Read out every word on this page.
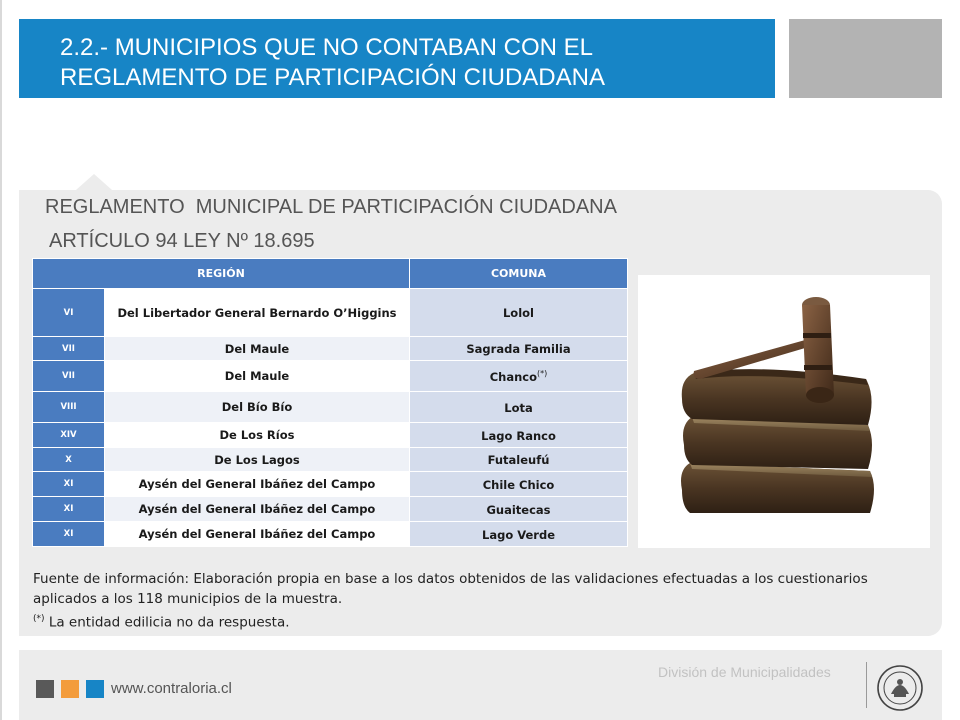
2.2.- MUNICIPIOS QUE NO CONTABAN CON EL
REGLAMENTO DE PARTICIPACIÓN CIUDADANA
REGLAMENTO  MUNICIPAL DE PARTICIPACIÓN CIUDADANA
ARTÍCULO 94 LEY Nº 18.695
REGIÓN		COMUNA
VI	Del Libertador General Bernardo O’Higgins	Lolol
VII	Del Maule	Sagrada Familia
VII	Del Maule	Chanco(*)
VIII	Del Bío Bío	Lota
XIV	De Los Ríos	Lago Ranco
X	De Los Lagos	Futaleufú
XI	Aysén del General Ibáñez del Campo	Chile Chico
XI	Aysén del General Ibáñez del Campo	Guaitecas
XI	Aysén del General Ibáñez del Campo	Lago Verde
Fuente de información: Elaboración propia en base a los datos obtenidos de las validaciones efectuadas a los cuestionarios aplicados a los 118 municipios de la muestra.
(*) La entidad edilicia no da respuesta.
www.contraloria.cl
División de Municipalidades
